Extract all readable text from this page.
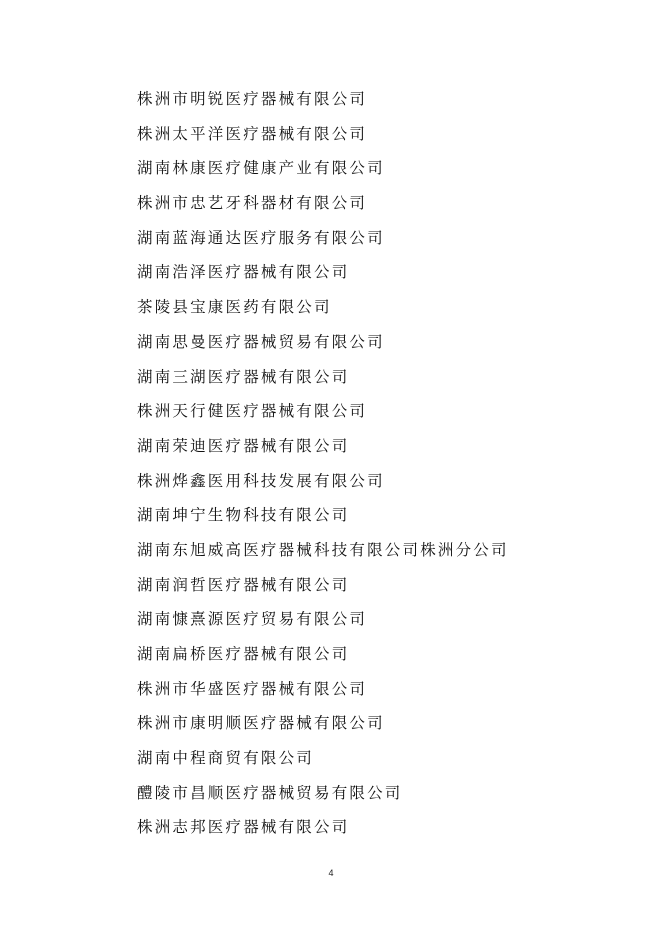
株洲市明锐医疗器械有限公司
株洲太平洋医疗器械有限公司
湖南林康医疗健康产业有限公司
株洲市忠艺牙科器材有限公司
湖南蓝海通达医疗服务有限公司
湖南浩泽医疗器械有限公司
茶陵县宝康医药有限公司
湖南思曼医疗器械贸易有限公司
湖南三湖医疗器械有限公司
株洲天行健医疗器械有限公司
湖南荣迪医疗器械有限公司
株洲烨鑫医用科技发展有限公司
湖南坤宁生物科技有限公司
湖南东旭威高医疗器械科技有限公司株洲分公司
湖南润哲医疗器械有限公司
湖南慷熹源医疗贸易有限公司
湖南扁桥医疗器械有限公司
株洲市华盛医疗器械有限公司
株洲市康明顺医疗器械有限公司
湖南中程商贸有限公司
醴陵市昌顺医疗器械贸易有限公司
株洲志邦医疗器械有限公司
4
